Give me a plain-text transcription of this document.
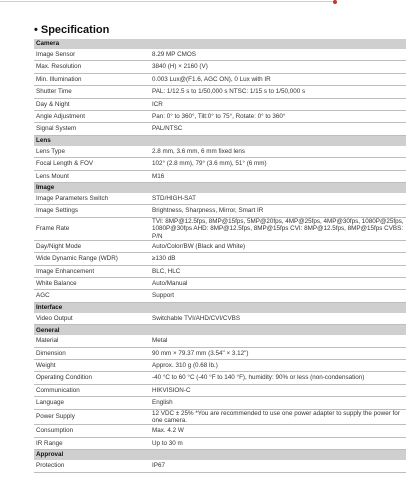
• Specification
Camera	
Image Sensor	8.29 MP CMOS
Max. Resolution	3840 (H) × 2160 (V)
Min. Illumination	0.003 Lux@(F1.6, AGC ON), 0 Lux with IR
Shutter Time	PAL: 1/12.5 s to 1/50,000 s NTSC: 1/15 s to 1/50,000 s
Day & Night	ICR
Angle Adjustment	Pan: 0° to 360°, Tilt:0° to 75°, Rotate: 0° to 360°
Signal System	PAL/NTSC
Lens	
Lens Type	2.8 mm, 3.6 mm, 6 mm fixed lens
Focal Length & FOV	102° (2.8 mm), 79° (3.6 mm), 51° (6 mm)
Lens Mount	M16
Image	
Image Parameters Switch	STD/HIGH-SAT
Image Settings	Brightness, Sharpness, Mirror, Smart IR
Frame Rate	TVI: 8MP@12.5fps, 8MP@15fps, 5MP@20fps, 4MP@25fps, 4MP@30fps, 1080P@25fps, 1080P@30fps AHD: 8MP@12.5fps, 8MP@15fps CVI: 8MP@12.5fps, 8MP@15fps CVBS: P/N
Day/Night Mode	Auto/Color/BW (Black and White)
Wide Dynamic Range (WDR)	≥130 dB
Image Enhancement	BLC, HLC
White Balance	Auto/Manual
AGC	Support
Interface	
Video Output	Switchable TVI/AHD/CVI/CVBS
General	
Material	Metal
Dimension	90 mm × 79.37 mm (3.54" × 3.12")
Weight	Approx. 310 g (0.68 lb.)
Operating Condition	-40 °C to 60 °C (-40 °F to 140 °F), humidity: 90% or less (non-condensation)
Communication	HIKVISION-C
Language	English
Power Supply	12 VDC ± 25% *You are recommended to use one power adapter to supply the power for one camera.
Consumption	Max. 4.2 W
IR Range	Up to 30 m
Approval	
Protection	IP67
